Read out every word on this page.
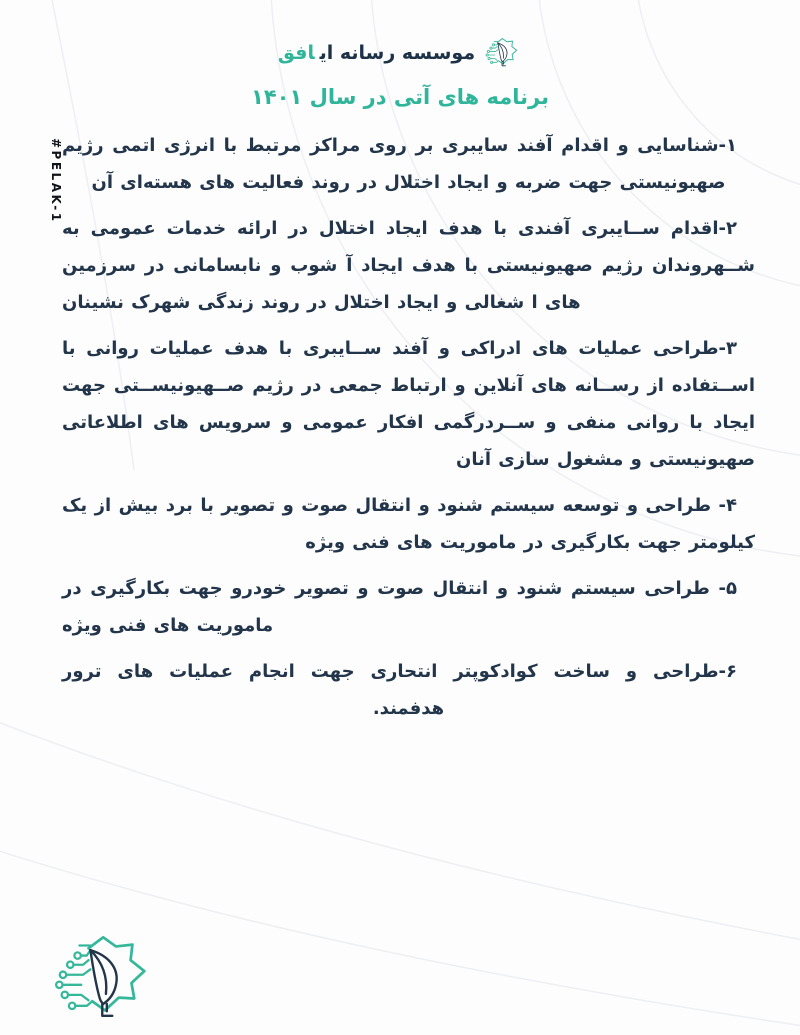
#PELAK-1
موسسه رسانه ایافق
برنامه های آتی در سال ۱۴۰۱

۱-شناسایی و اقدام آفند سایبری بر روی مراکز مرتبط با انرژی اتمی رژیم صهیونیستی جهت ضربه و ایجاد اختلال در روند فعالیت های هسته‌ای آن

۲-اقدام ســایبری آفندی با هدف ایجاد اختلال در ارائه خدمات عمومی به شــهروندان رژیم صهیونیستی با هدف ایجاد آ شوب و نابسامانی در سرزمین های ا شغالی و ایجاد اختلال در روند زندگی شهرک نشینان

۳-طراحی عملیات های ادراکی و آفند ســایبری با هدف عملیات روانی با اســتفاده از رســانه های آنلاین و ارتباط جمعی در رژیم صــهیونیســتی جهت ایجاد با روانی منفی و ســردرگمی افکار عمومی و سرویس های اطلاعاتی صهیونیستی و مشغول سازی آنان

۴- طراحی و توسعه سیستم شنود و انتقال صوت و تصویر با برد بیش از یک کیلومتر جهت بکارگیری در ماموریت های فنی ویژه

۵- طراحی سیستم شنود و انتقال صوت و تصویر خودرو جهت بکارگیری در ماموریت های فنی ویژه

۶-طراحی و ساخت کوادکوپتر انتحاری جهت انجام عملیات های ترور هدفمند.
